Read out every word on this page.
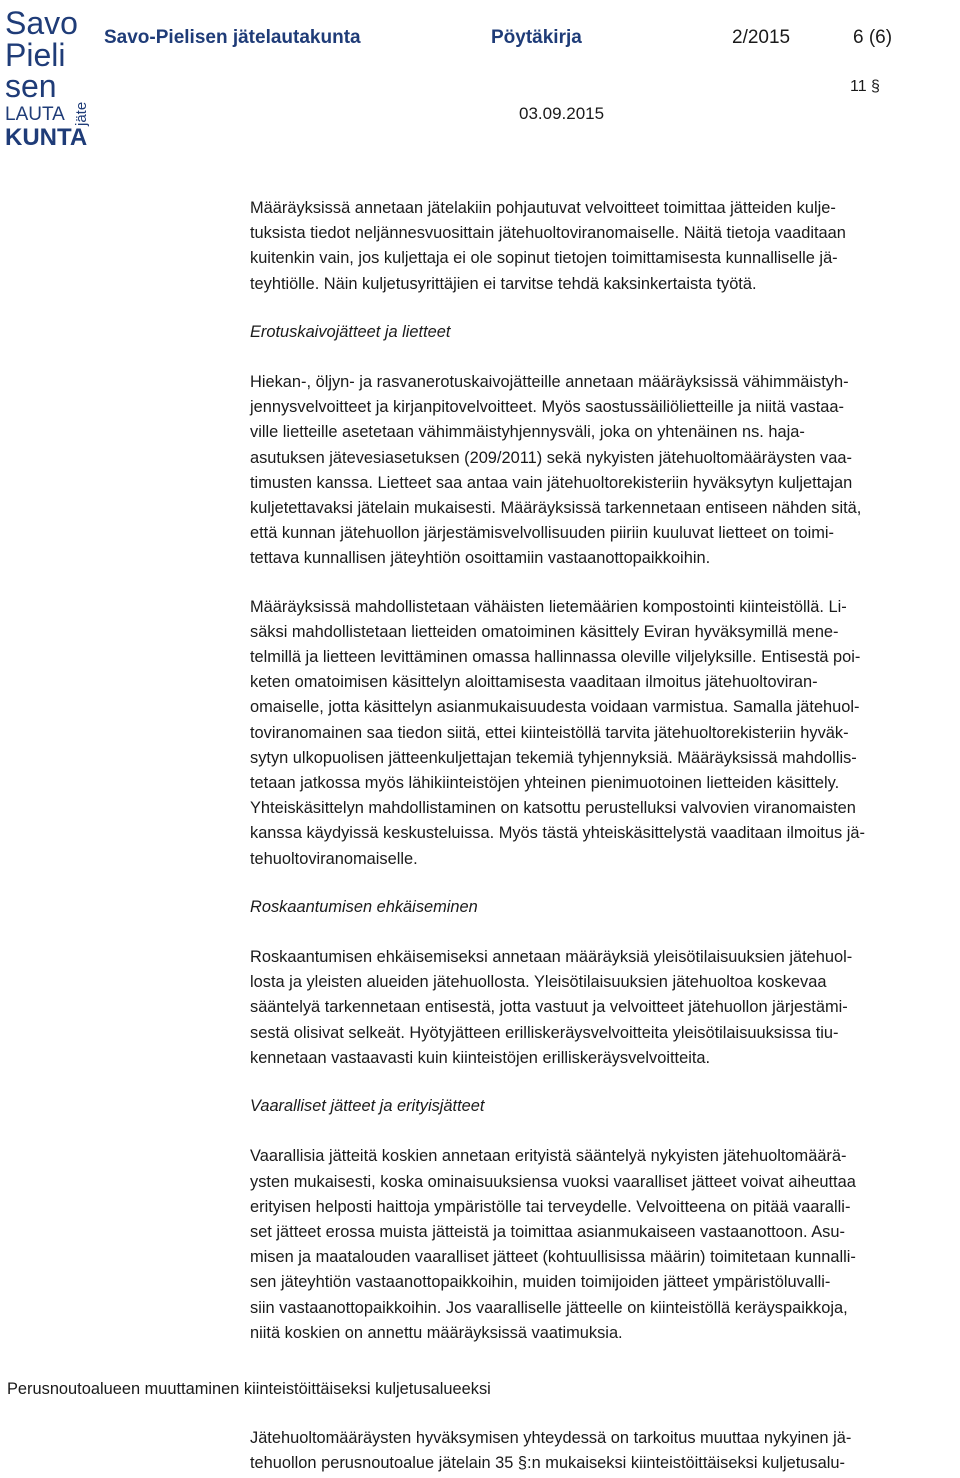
Savo
Pieli
sen
LAUTA
KUNTA
jäte
Savo-Pielisen jätelautakunta	Pöytäkirja	2/2015	6 (6)
11 §
03.09.2015

Määräyksissä annetaan jätelakiin pohjautuvat velvoitteet toimittaa jätteiden kulje-
tuksista tiedot neljännesvuosittain jätehuoltoviranomaiselle. Näitä tietoja vaaditaan
kuitenkin vain, jos kuljettaja ei ole sopinut tietojen toimittamisesta kunnalliselle jä-
teyhtiölle. Näin kuljetusyrittäjien ei tarvitse tehdä kaksinkertaista työtä.

Erotuskaivojätteet ja lietteet

Hiekan-, öljyn- ja rasvanerotuskaivojätteille annetaan määräyksissä vähimmäistyh-
jennysvelvoitteet ja kirjanpitovelvoitteet. Myös saostussäiliölietteille ja niitä vastaa-
ville lietteille asetetaan vähimmäistyhjennysväli, joka on yhtenäinen ns. haja-
asutuksen jätevesiasetuksen (209/2011) sekä nykyisten jätehuoltomääräysten vaa-
timusten kanssa. Lietteet saa antaa vain jätehuoltorekisteriin hyväksytyn kuljettajan
kuljetettavaksi jätelain mukaisesti. Määräyksissä tarkennetaan entiseen nähden sitä,
että kunnan jätehuollon järjestämisvelvollisuuden piiriin kuuluvat lietteet on toimi-
tettava kunnallisen jäteyhtiön osoittamiin vastaanottopaikkoihin.

Määräyksissä mahdollistetaan vähäisten lietemäärien kompostointi kiinteistöllä. Li-
säksi mahdollistetaan lietteiden omatoiminen käsittely Eviran hyväksymillä mene-
telmillä ja lietteen levittäminen omassa hallinnassa oleville viljelyksille. Entisestä poi-
keten omatoimisen käsittelyn aloittamisesta vaaditaan ilmoitus jätehuoltoviran-
omaiselle, jotta käsittelyn asianmukaisuudesta voidaan varmistua. Samalla jätehuol-
toviranomainen saa tiedon siitä, ettei kiinteistöllä tarvita jätehuoltorekisteriin hyväk-
sytyn ulkopuolisen jätteenkuljettajan tekemiä tyhjennyksiä. Määräyksissä mahdollis-
tetaan jatkossa myös lähikiinteistöjen yhteinen pienimuotoinen lietteiden käsittely.
Yhteiskäsittelyn mahdollistaminen on katsottu perustelluksi valvovien viranomaisten
kanssa käydyissä keskusteluissa. Myös tästä yhteiskäsittelystä vaaditaan ilmoitus jä-
tehuoltoviranomaiselle.

Roskaantumisen ehkäiseminen

Roskaantumisen ehkäisemiseksi annetaan määräyksiä yleisötilaisuuksien jätehuol-
losta ja yleisten alueiden jätehuollosta. Yleisötilaisuuksien jätehuoltoa koskevaa
sääntelyä tarkennetaan entisestä, jotta vastuut ja velvoitteet jätehuollon järjestämi-
sestä olisivat selkeät. Hyötyjätteen erilliskeräysvelvoitteita yleisötilaisuuksissa tiu-
kennetaan vastaavasti kuin kiinteistöjen erilliskeräysvelvoitteita.

Vaaralliset jätteet ja erityisjätteet

Vaarallisia jätteitä koskien annetaan erityistä sääntelyä nykyisten jätehuoltomäärä-
ysten mukaisesti, koska ominaisuuksiensa vuoksi vaaralliset jätteet voivat aiheuttaa
erityisen helposti haittoja ympäristölle tai terveydelle. Velvoitteena on pitää vaaralli-
set jätteet erossa muista jätteistä ja toimittaa asianmukaiseen vastaanottoon. Asu-
misen ja maatalouden vaaralliset jätteet (kohtuullisissa määrin) toimitetaan kunnalli-
sen jäteyhtiön vastaanottopaikkoihin, muiden toimijoiden jätteet ympäristöluvalli-
siin vastaanottopaikkoihin. Jos vaaralliselle jätteelle on kiinteistöllä keräyspaikkoja,
niitä koskien on annettu määräyksissä vaatimuksia.

Perusnoutoalueen muuttaminen kiinteistöittäiseksi kuljetusalueeksi
Jätehuoltomääräysten hyväksymisen yhteydessä on tarkoitus muuttaa nykyinen jä-
tehuollon perusnoutoalue jätelain 35 §:n mukaiseksi kiinteistöittäiseksi kuljetusalu-
